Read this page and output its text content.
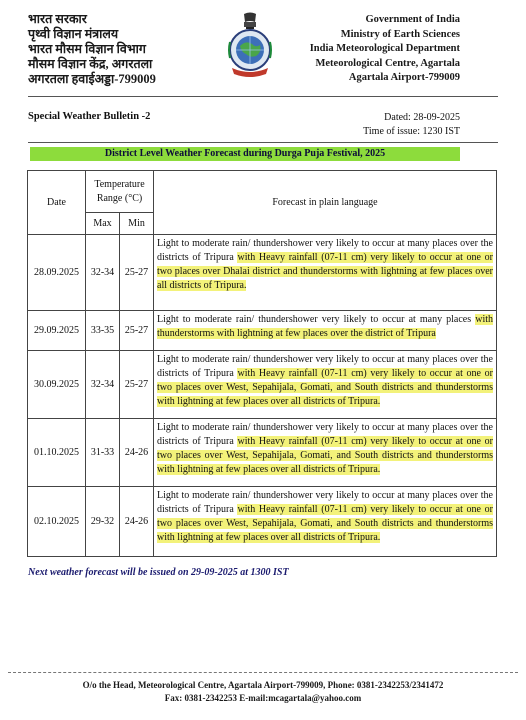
भारत सरकार
पृथ्वी विज्ञान मंत्रालय
भारत मौसम विज्ञान विभाग
मौसम विज्ञान केंद्र, अगरतला
अगरतला हवाईअड्डा-799009
Government of India
Ministry of Earth Sciences
India Meteorological Department
Meteorological Centre, Agartala
Agartala Airport-799009
Special Weather Bulletin -2	Dated: 28-09-2025
Time of issue: 1230 IST
District Level Weather Forecast during Durga Puja Festival, 2025
Date	Temperature
Range (°C)		Forecast in plain language
	Max	Min	
28.09.2025	32-34	25-27	Light to moderate rain/ thundershower very likely to occur at many places over the districts of Tripura with Heavy rainfall (07-11 cm) very likely to occur at one or two places over Dhalai district and thunderstorms with lightning at few places over all districts of Tripura.
29.09.2025	33-35	25-27	Light to moderate rain/ thundershower very likely to occur at many places with thunderstorms with lightning at few places over the district of Tripura
30.09.2025	32-34	25-27	Light to moderate rain/ thundershower very likely to occur at many places over the districts of Tripura with Heavy rainfall (07-11 cm) very likely to occur at one or two places over West, Sepahijala, Gomati, and South districts and thunderstorms with lightning at few places over all districts of Tripura.
01.10.2025	31-33	24-26	Light to moderate rain/ thundershower very likely to occur at many places over the districts of Tripura with Heavy rainfall (07-11 cm) very likely to occur at one or two places over West, Sepahijala, Gomati, and South districts and thunderstorms with lightning at few places over all districts of Tripura.
02.10.2025	29-32	24-26	Light to moderate rain/ thundershower very likely to occur at many places over the districts of Tripura with Heavy rainfall (07-11 cm) very likely to occur at one or two places over West, Sepahijala, Gomati, and South districts and thunderstorms with lightning at few places over all districts of Tripura.
Next weather forecast will be issued on 29-09-2025 at 1300 IST
O/o the Head, Meteorological Centre, Agartala Airport-799009, Phone: 0381-2342253/2341472
Fax: 0381-2342253 E-mail:mcagartala@yahoo.com
